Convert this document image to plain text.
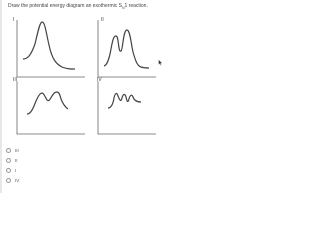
Draw the potential energy diagram an exothermic $S_N1$ reaction.
I	II
III	IV
III
II
I
IV
